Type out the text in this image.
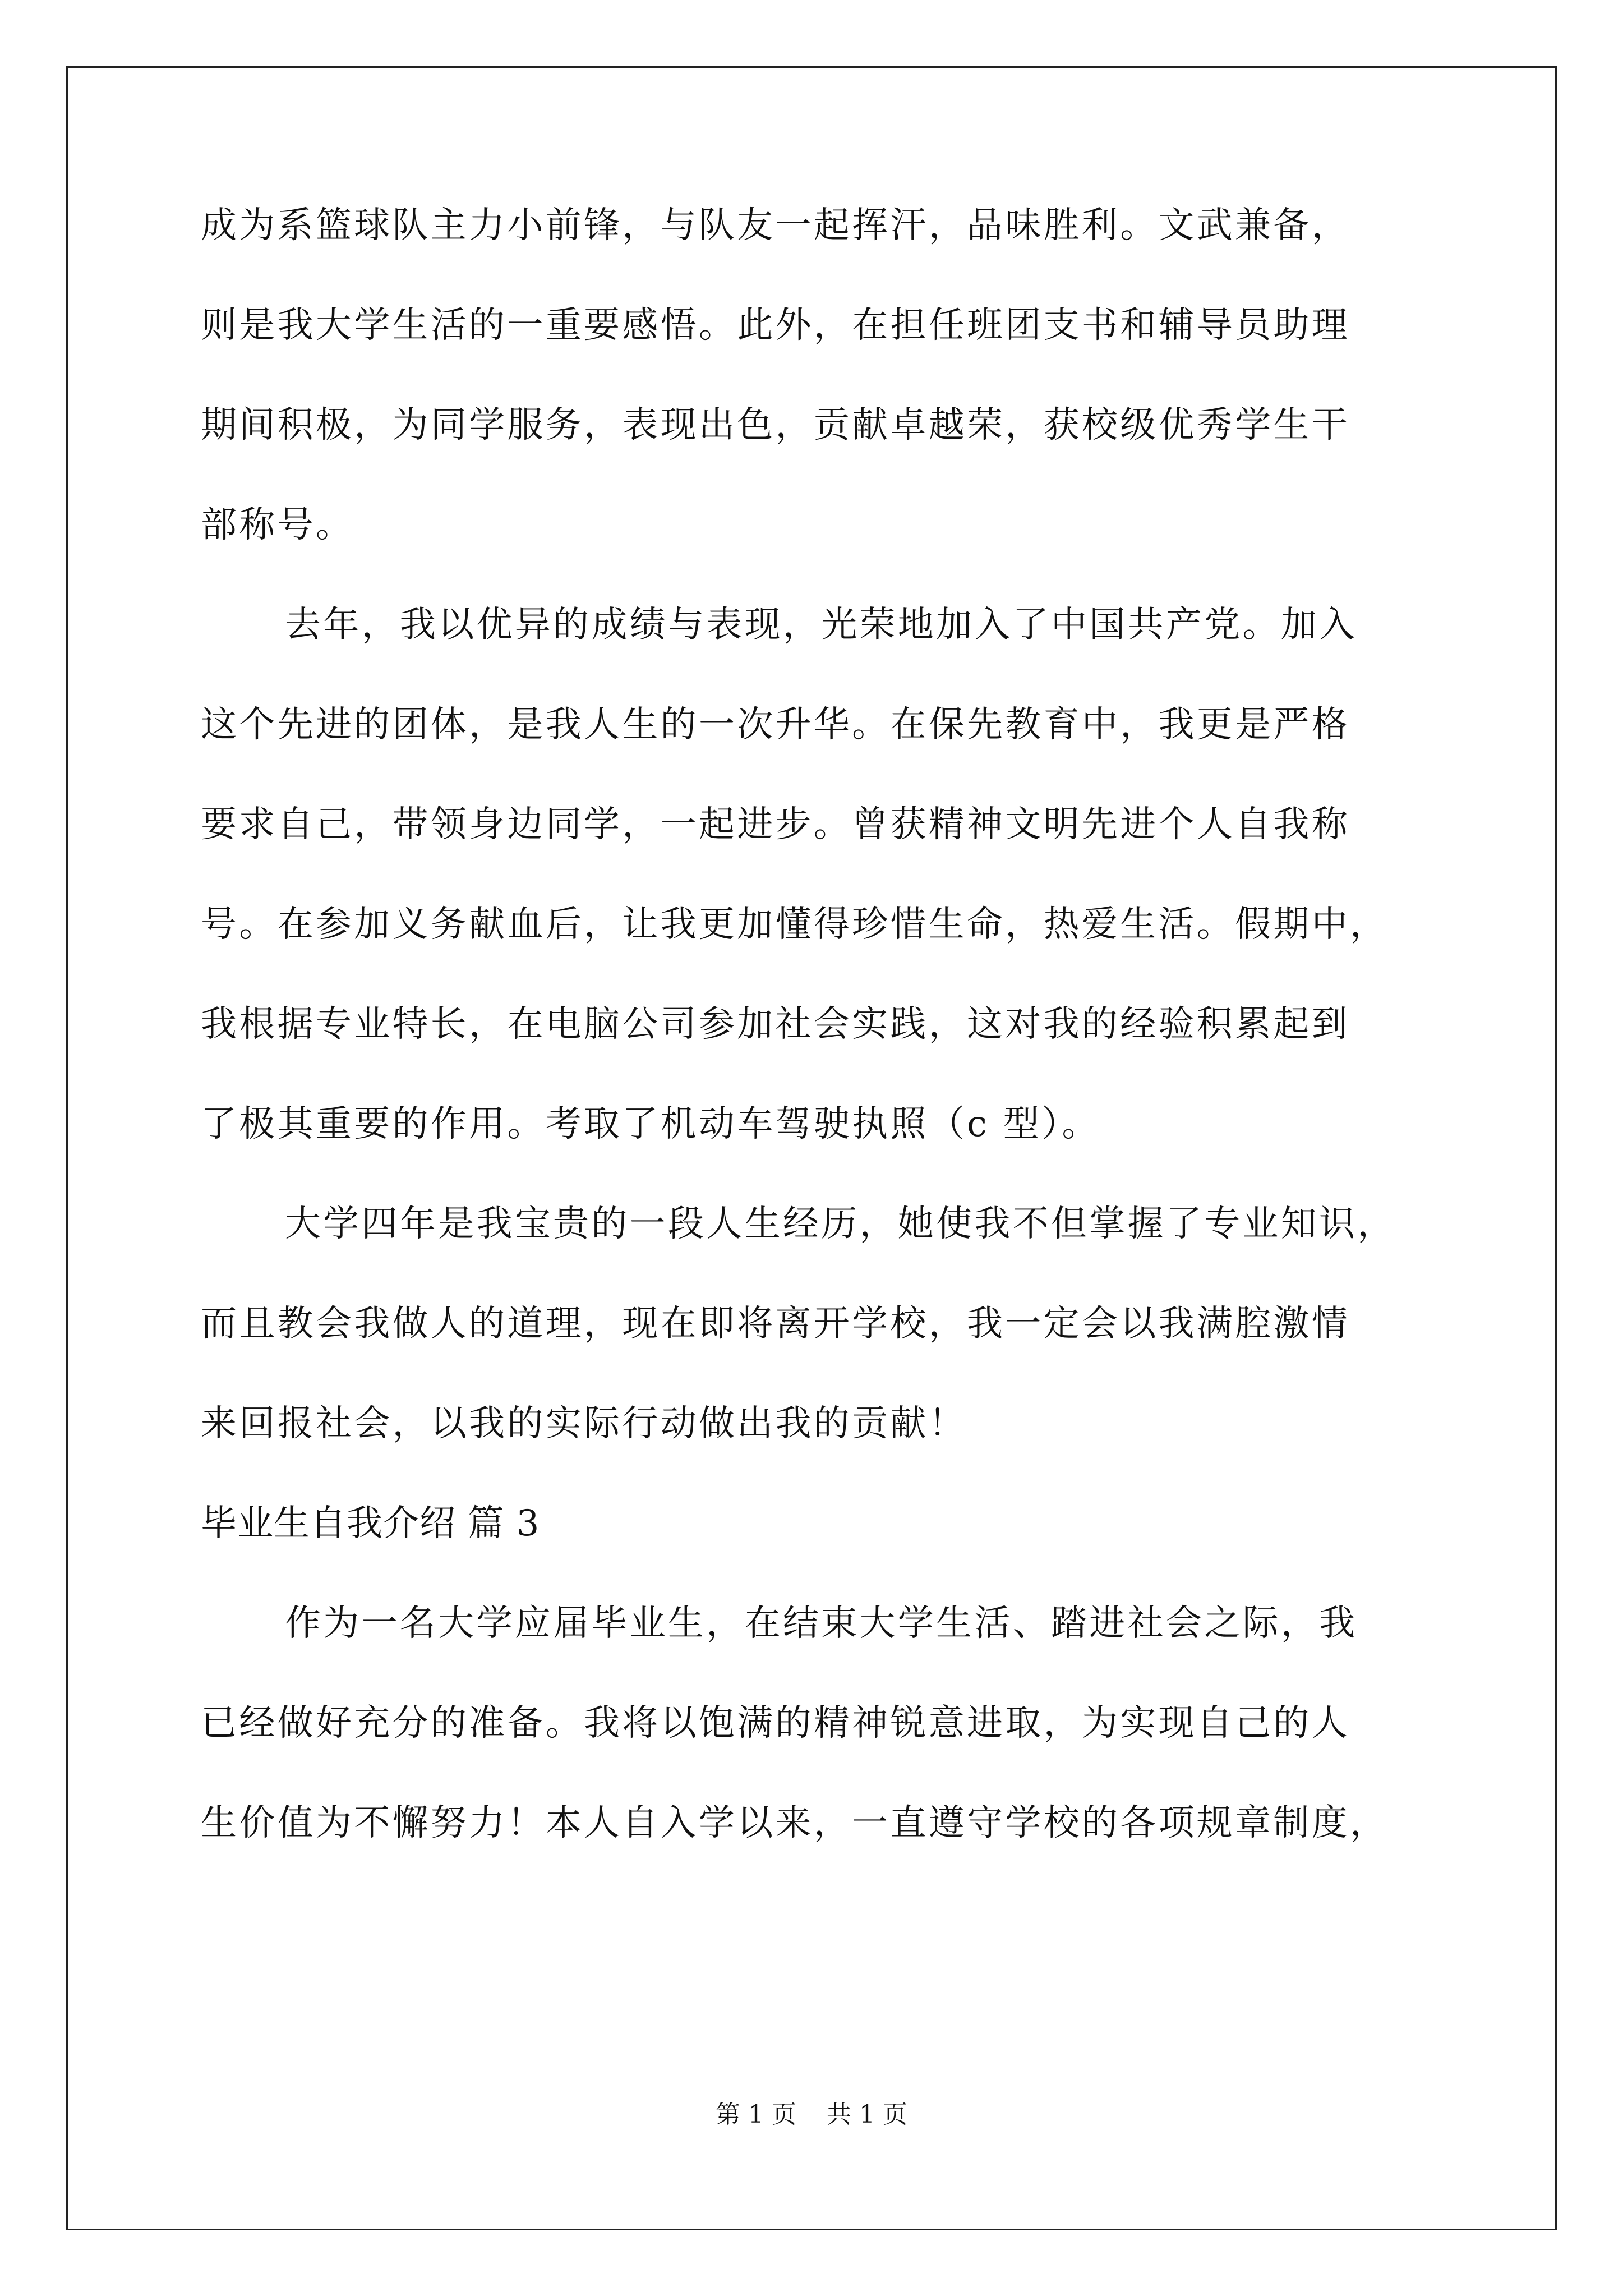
成为系篮球队主力小前锋，与队友一起挥汗，品味胜利。文武兼备，
则是我大学生活的一重要感悟。此外，在担任班团支书和辅导员助理
期间积极，为同学服务，表现出色，贡献卓越荣，获校级优秀学生干
部称号。
去年，我以优异的成绩与表现，光荣地加入了中国共产党。加入
这个先进的团体，是我人生的一次升华。在保先教育中，我更是严格
要求自己，带领身边同学，一起进步。曾获精神文明先进个人自我称
号。在参加义务献血后，让我更加懂得珍惜生命，热爱生活。假期中，
我根据专业特长，在电脑公司参加社会实践，这对我的经验积累起到
了极其重要的作用。考取了机动车驾驶执照（c 型）。
大学四年是我宝贵的一段人生经历，她使我不但掌握了专业知识，
而且教会我做人的道理，现在即将离开学校，我一定会以我满腔激情
来回报社会，以我的实际行动做出我的贡献！
毕业生自我介绍 篇 3
作为一名大学应届毕业生，在结束大学生活、踏进社会之际，我
已经做好充分的准备。我将以饱满的精神锐意进取，为实现自己的人
生价值为不懈努力！本人自入学以来，一直遵守学校的各项规章制度，
第 1 页 共 1 页
